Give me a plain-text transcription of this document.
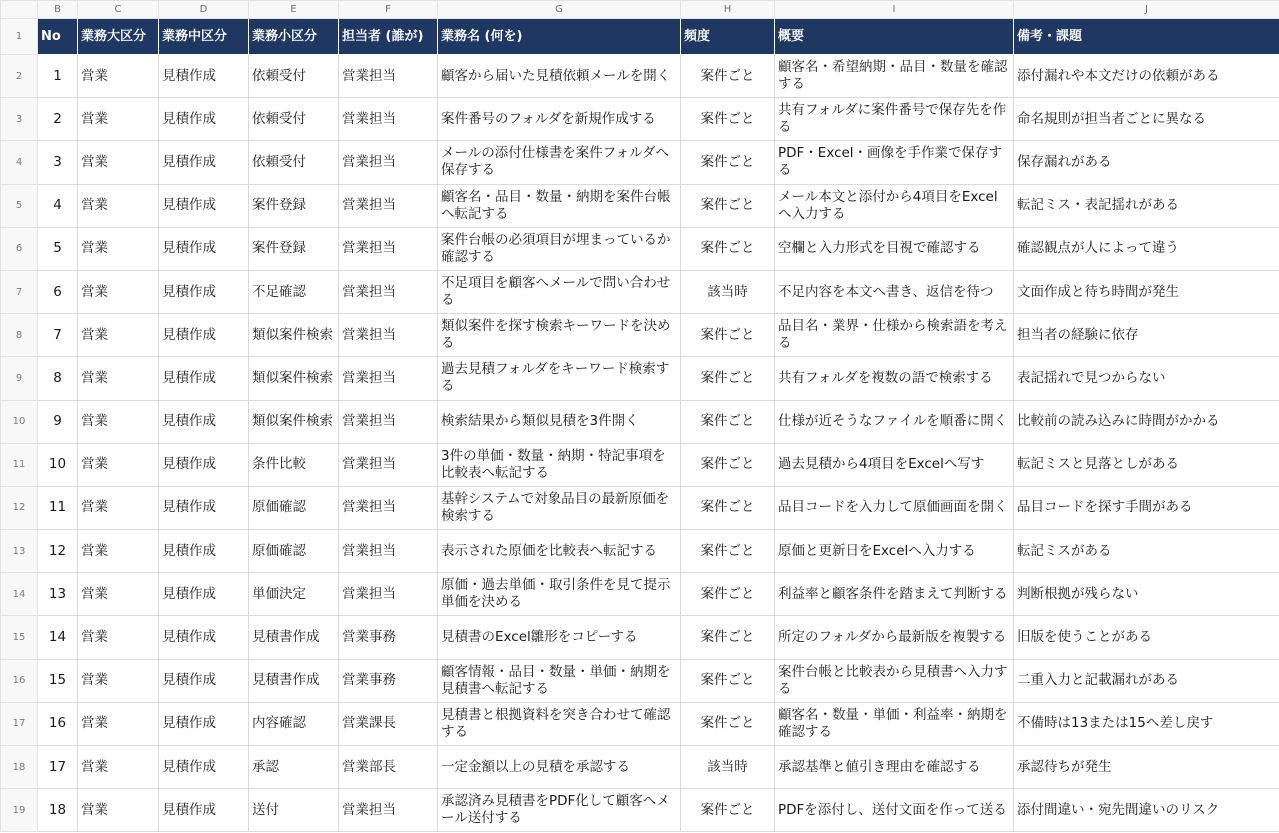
	B	C	D	E	F	G	H	I	J
1	No	業務大区分	業務中区分	業務小区分	担当者 (誰が)	業務名 (何を)	頻度	概要	備考・課題
2	1	営業	見積作成	依頼受付	営業担当	顧客から届いた見積依頼メールを開く	案件ごと	顧客名・希望納期・品目・数量を確認する	添付漏れや本文だけの依頼がある
3	2	営業	見積作成	依頼受付	営業担当	案件番号のフォルダを新規作成する	案件ごと	共有フォルダに案件番号で保存先を作る	命名規則が担当者ごとに異なる
4	3	営業	見積作成	依頼受付	営業担当	メールの添付仕様書を案件フォルダへ保存する	案件ごと	PDF・Excel・画像を手作業で保存する	保存漏れがある
5	4	営業	見積作成	案件登録	営業担当	顧客名・品目・数量・納期を案件台帳へ転記する	案件ごと	メール本文と添付から4項目をExcelへ入力する	転記ミス・表記揺れがある
6	5	営業	見積作成	案件登録	営業担当	案件台帳の必須項目が埋まっているか確認する	案件ごと	空欄と入力形式を目視で確認する	確認観点が人によって違う
7	6	営業	見積作成	不足確認	営業担当	不足項目を顧客へメールで問い合わせる	該当時	不足内容を本文へ書き、返信を待つ	文面作成と待ち時間が発生
8	7	営業	見積作成	類似案件検索	営業担当	類似案件を探す検索キーワードを決める	案件ごと	品目名・業界・仕様から検索語を考える	担当者の経験に依存
9	8	営業	見積作成	類似案件検索	営業担当	過去見積フォルダをキーワード検索する	案件ごと	共有フォルダを複数の語で検索する	表記揺れで見つからない
10	9	営業	見積作成	類似案件検索	営業担当	検索結果から類似見積を3件開く	案件ごと	仕様が近そうなファイルを順番に開く	比較前の読み込みに時間がかかる
11	10	営業	見積作成	条件比較	営業担当	3件の単価・数量・納期・特記事項を比較表へ転記する	案件ごと	過去見積から4項目をExcelへ写す	転記ミスと見落としがある
12	11	営業	見積作成	原価確認	営業担当	基幹システムで対象品目の最新原価を検索する	案件ごと	品目コードを入力して原価画面を開く	品目コードを探す手間がある
13	12	営業	見積作成	原価確認	営業担当	表示された原価を比較表へ転記する	案件ごと	原価と更新日をExcelへ入力する	転記ミスがある
14	13	営業	見積作成	単価決定	営業担当	原価・過去単価・取引条件を見て提示単価を決める	案件ごと	利益率と顧客条件を踏まえて判断する	判断根拠が残らない
15	14	営業	見積作成	見積書作成	営業事務	見積書のExcel雛形をコピーする	案件ごと	所定のフォルダから最新版を複製する	旧版を使うことがある
16	15	営業	見積作成	見積書作成	営業事務	顧客情報・品目・数量・単価・納期を見積書へ転記する	案件ごと	案件台帳と比較表から見積書へ入力する	二重入力と記載漏れがある
17	16	営業	見積作成	内容確認	営業課長	見積書と根拠資料を突き合わせて確認する	案件ごと	顧客名・数量・単価・利益率・納期を確認する	不備時は13または15へ差し戻す
18	17	営業	見積作成	承認	営業部長	一定金額以上の見積を承認する	該当時	承認基準と値引き理由を確認する	承認待ちが発生
19	18	営業	見積作成	送付	営業担当	承認済み見積書をPDF化して顧客へメール送付する	案件ごと	PDFを添付し、送付文面を作って送る	添付間違い・宛先間違いのリスク
